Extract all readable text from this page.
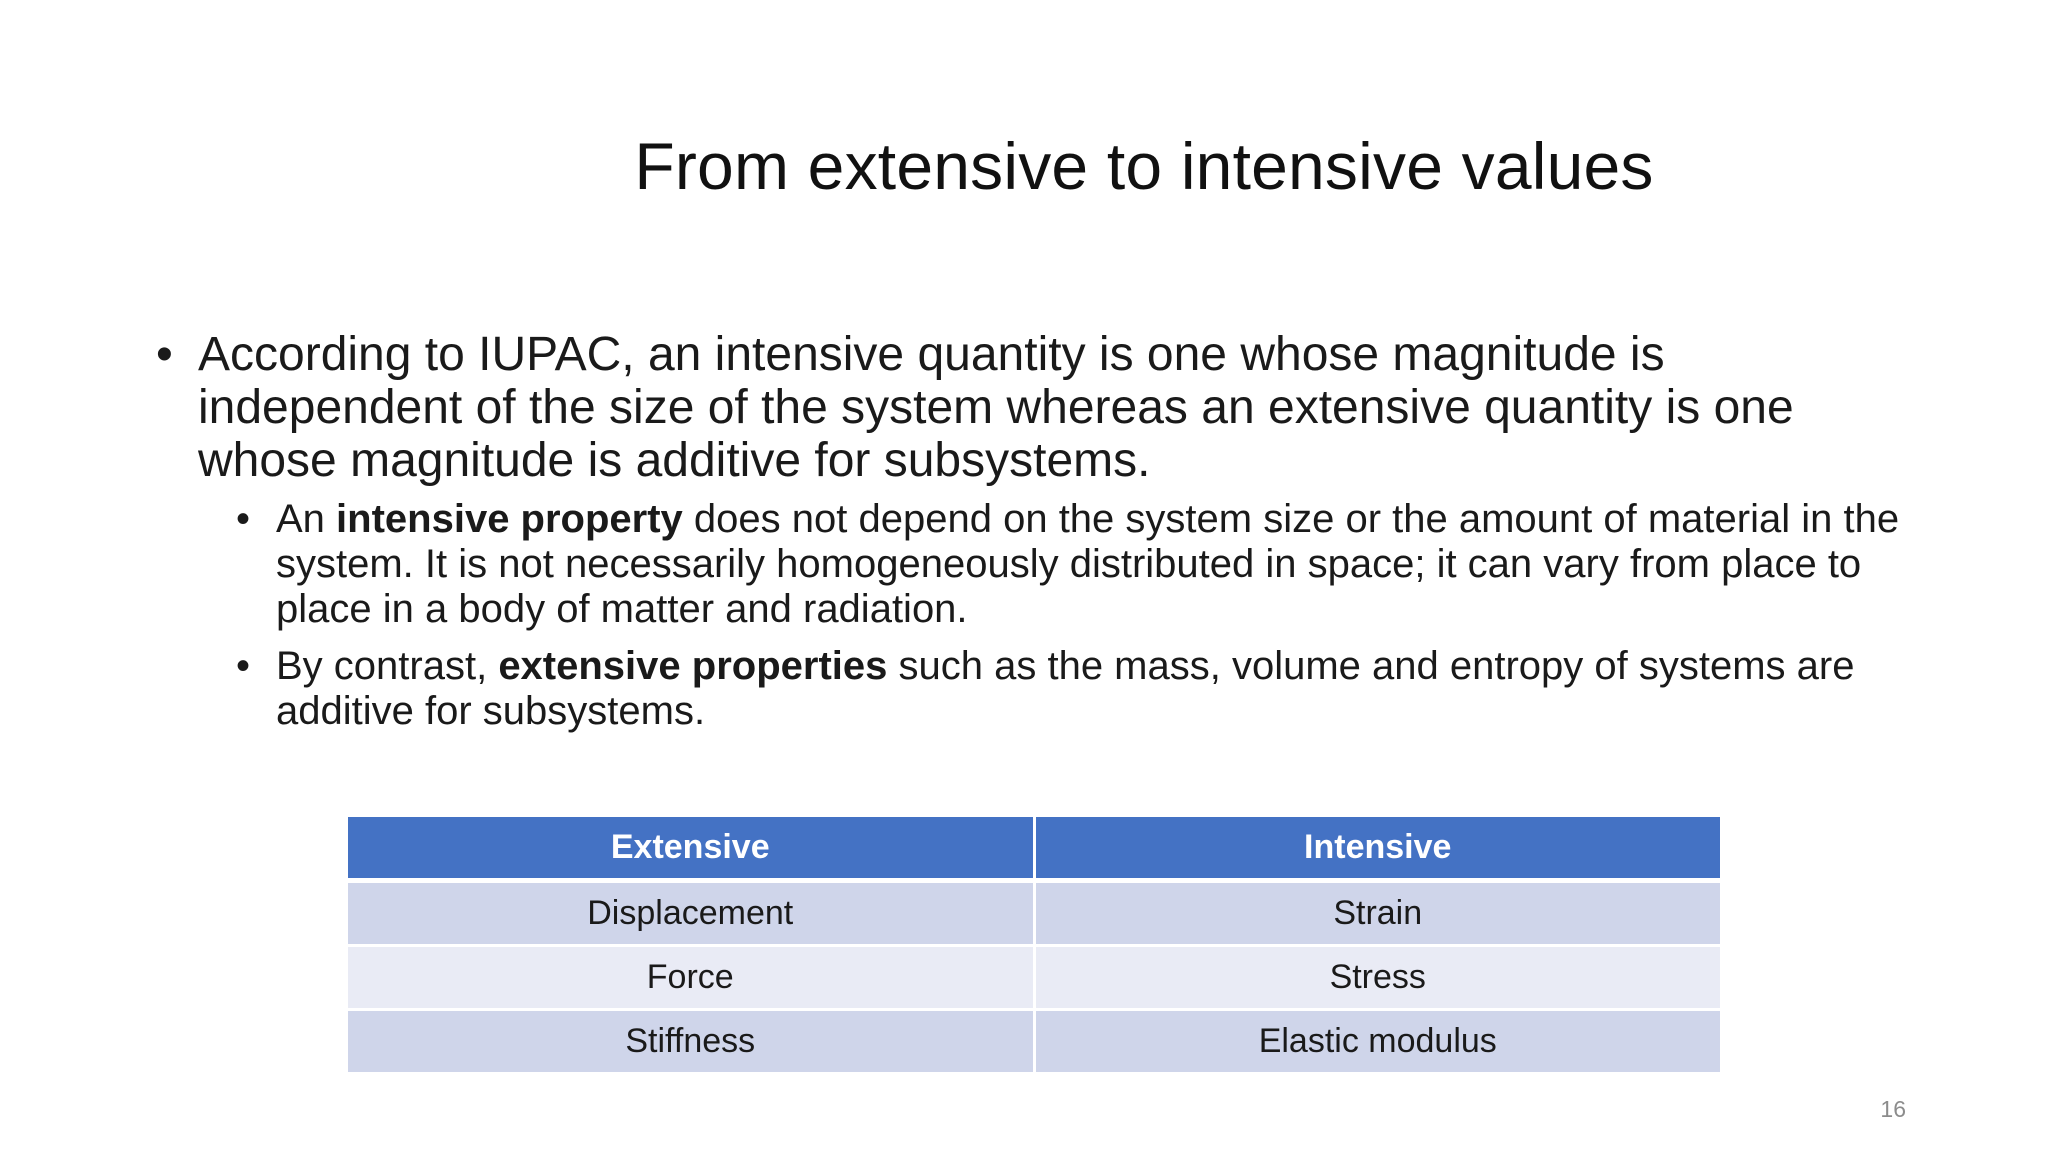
From extensive to intensive values
• According to IUPAC, an intensive quantity is one whose magnitude is independent of the size of the system whereas an extensive quantity is one whose magnitude is additive for subsystems.
• An intensive property does not depend on the system size or the amount of material in the system. It is not necessarily homogeneously distributed in space; it can vary from place to place in a body of matter and radiation.
• By contrast, extensive properties such as the mass, volume and entropy of systems are additive for subsystems.
Extensive	Intensive
Displacement	Strain
Force	Stress
Stiffness	Elastic modulus
16
